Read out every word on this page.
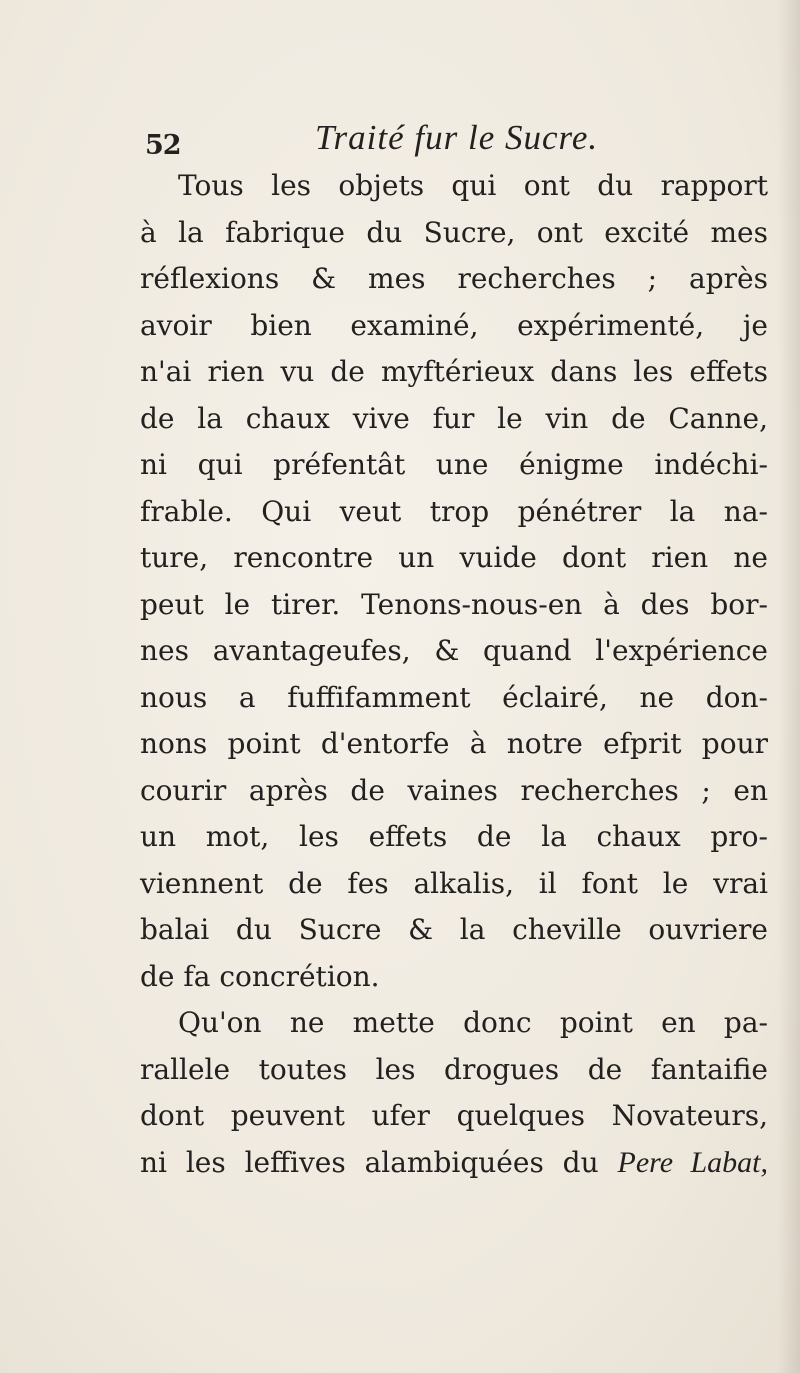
52	Traité fur le Sucre.
Tous les objets qui ont du rapport
à la fabrique du Sucre, ont excité mes
réflexions & mes recherches ; après
avoir bien examiné, expérimenté, je
n'ai rien vu de myftérieux dans les effets
de la chaux vive fur le vin de Canne,
ni qui préfentât une énigme indéchi-
frable. Qui veut trop pénétrer la na-
ture, rencontre un vuide dont rien ne
peut le tirer. Tenons-nous-en à des bor-
nes avantageufes, & quand l'expérience
nous a fuffifamment éclairé, ne don-
nons point d'entorfe à notre efprit pour
courir après de vaines recherches ; en
un mot, les effets de la chaux pro-
viennent de fes alkalis, il font le vrai
balai du Sucre & la cheville ouvriere
de fa concrétion.
Qu'on ne mette donc point en pa-
rallele toutes les drogues de fantaifie
dont peuvent ufer quelques Novateurs,
ni les leffives alambiquées du Pere Labat,
